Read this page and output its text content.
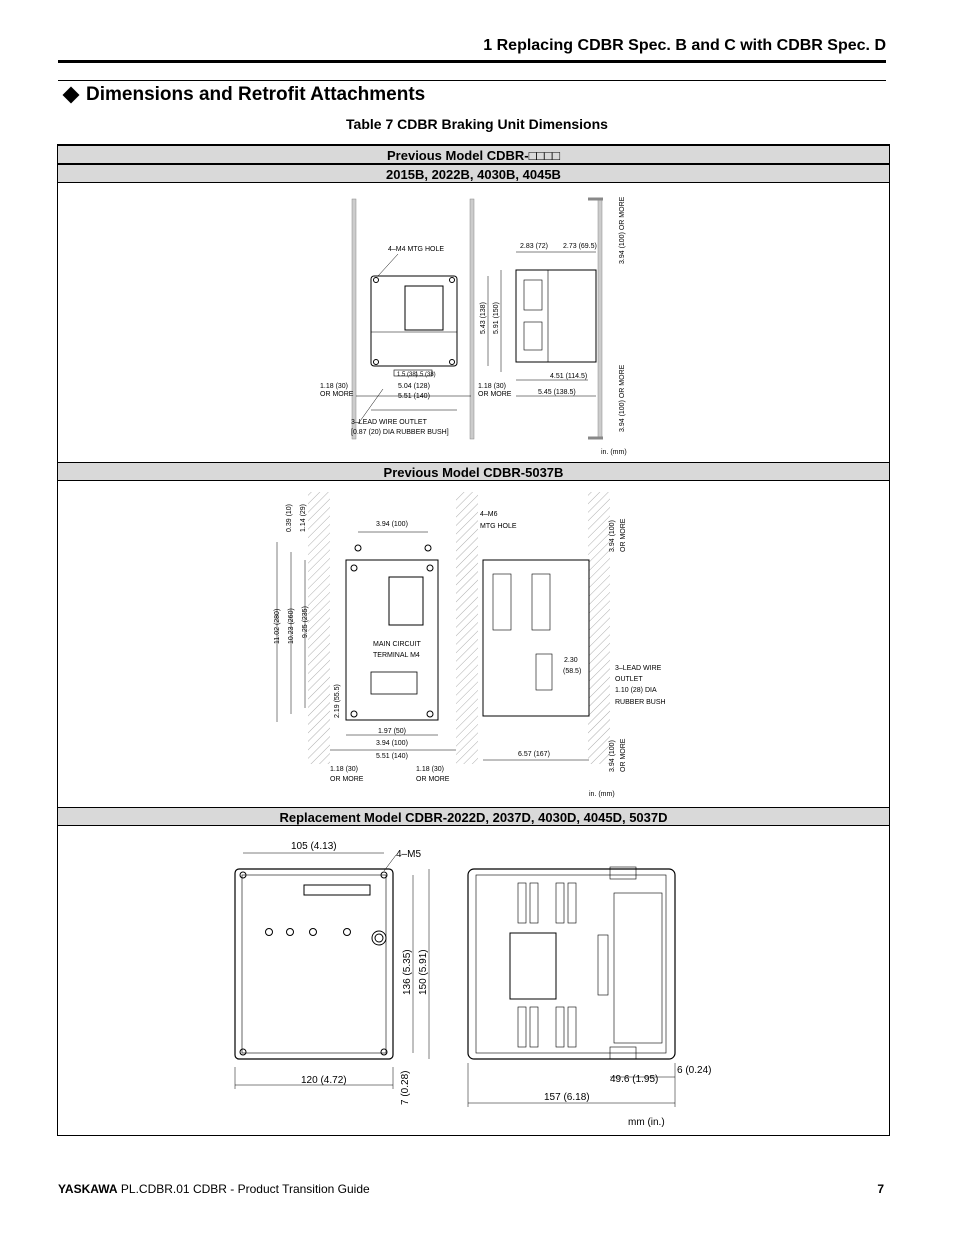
1 Replacing CDBR Spec. B and C with CDBR Spec. D
Dimensions and Retrofit Attachments
Table 7 CDBR Braking Unit Dimensions
Previous Model CDBR-□□□□
2015B, 2022B, 4030B, 4045B
4–M4 MTG HOLE	2.83 (72) 2.73 (69.5)	3.94 (100) OR MORE
5.43 (138) 5.91 (150)
1.5 (38)
1.5 (38)
5.04 (128)
5.51 (140)
1.18 (30)
OR MORE
1.18 (30)
OR MORE
4.51 (114.5)
5.45 (138.5)	3.94 (100) OR MORE
3–LEAD WIRE OUTLET
[0.87 (20) DIA RUBBER BUSH]
in. (mm)
Previous Model CDBR-5037B
0.39 (10) 1.14 (29)	3.94 (100)
4–M6
MTG HOLE	3.94 (100) OR MORE
11.02 (280) 10.23 (260) 9.25 (235)
MAIN CIRCUIT
TERMINAL M4
2.19 (55.5)
2.30
(58.5)	3–LEAD WIRE
OUTLET
1.10 (28) DIA
RUBBER BUSH
1.97 (50)
3.94 (100)
5.51 (140)	6.57 (167)	3.94 (100) OR MORE
1.18 (30)
OR MORE
1.18 (30)
OR MORE
in. (mm)
Replacement Model CDBR-2022D, 2037D, 4030D, 4045D, 5037D
105 (4.13)
4–M5
136 (5.35) 150 (5.91)
120 (4.72)	7 (0.28)
6 (0.24)
49.6 (1.95)
157 (6.18)
mm (in.)
YASKAWA PL.CDBR.01 CDBR - Product Transition Guide	7
